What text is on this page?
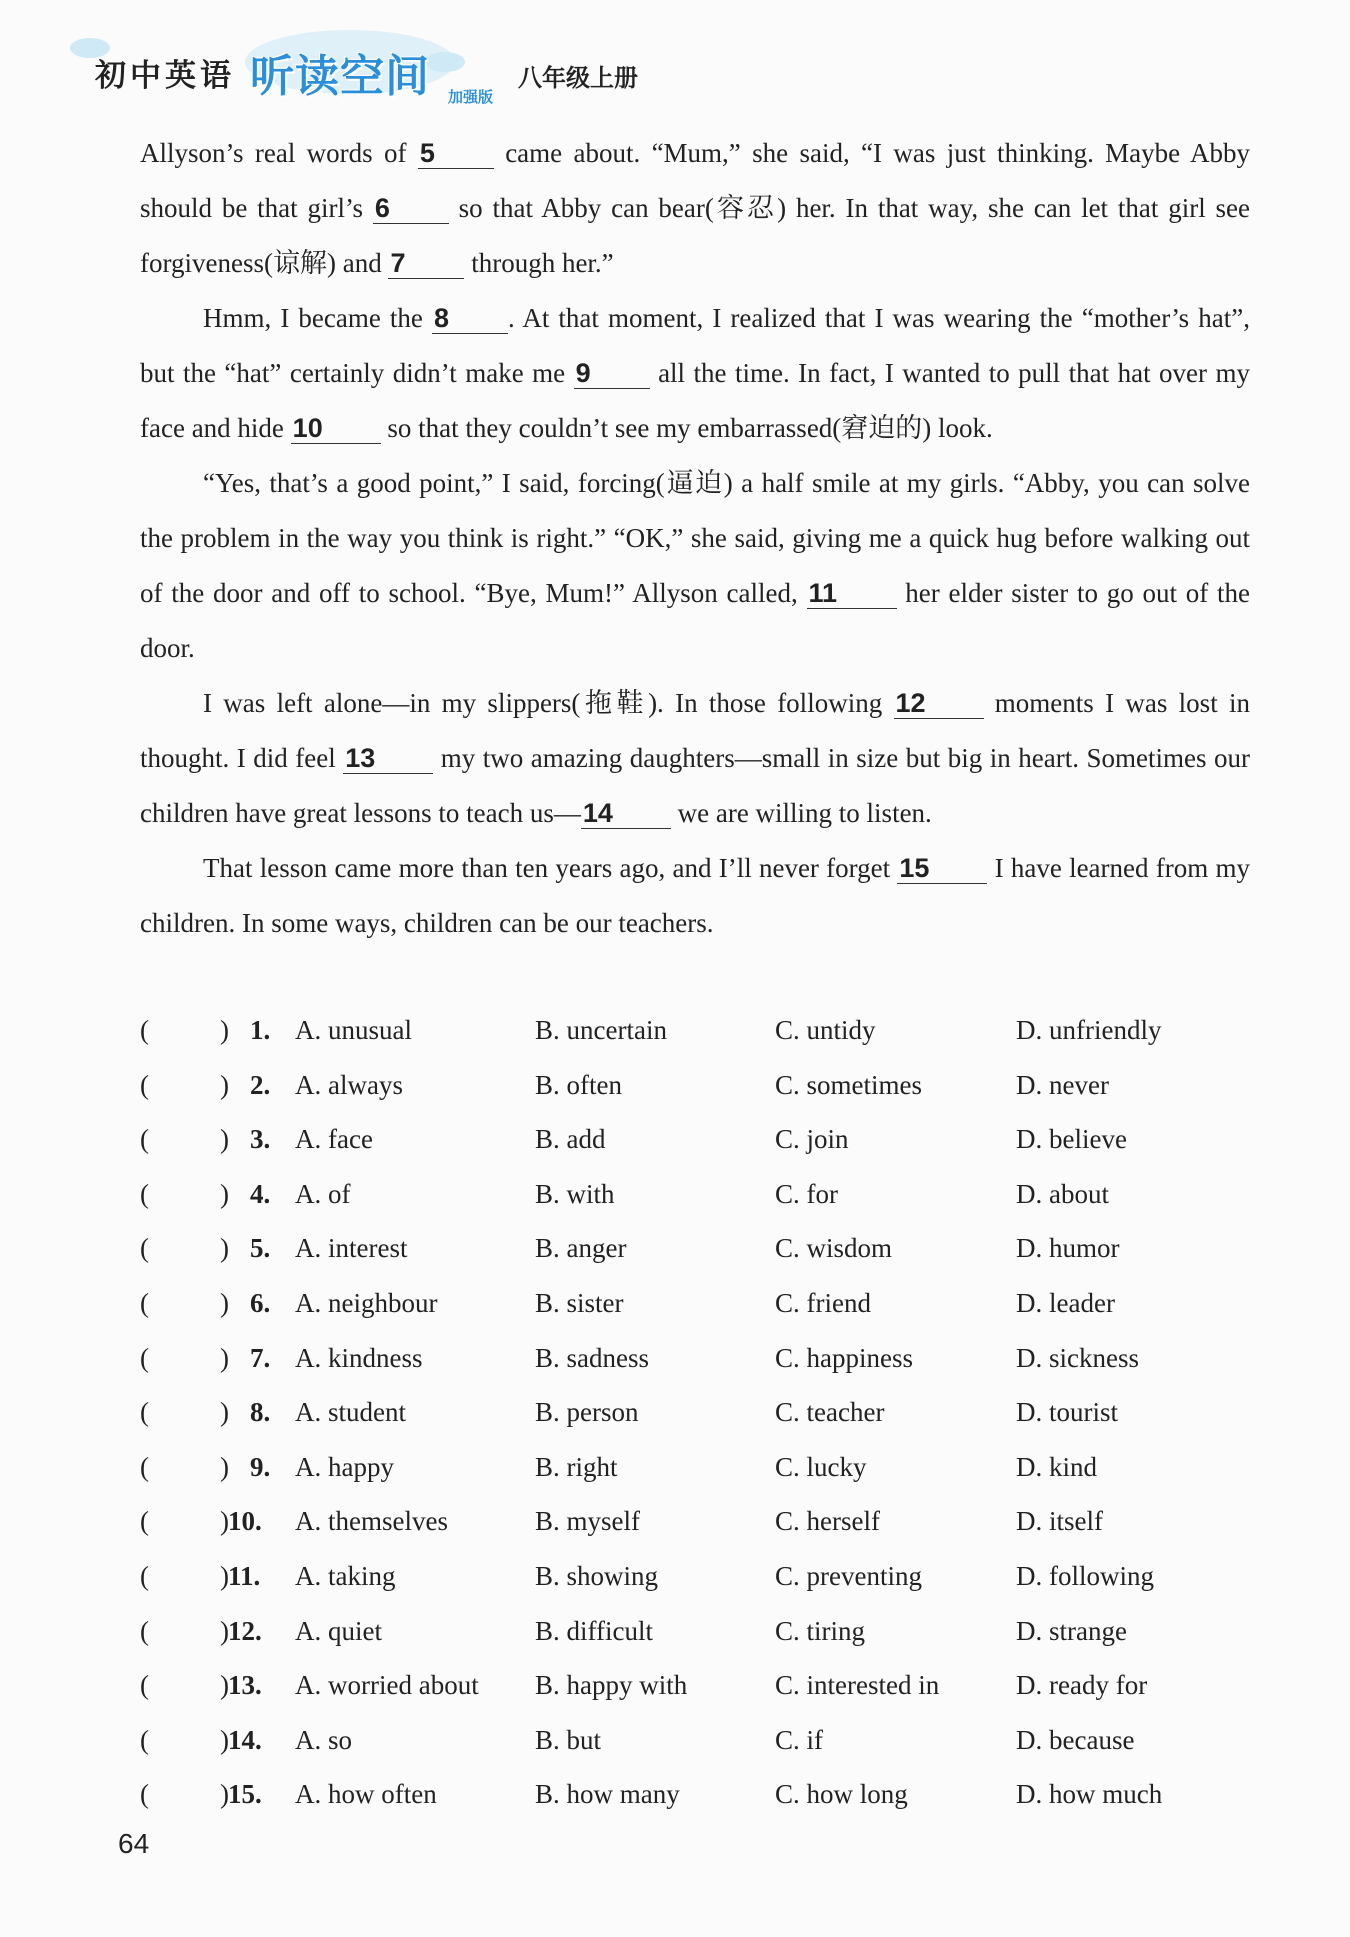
初中英语 听读空间 加强版
八年级上册

Allyson’s real words of 5 came about. “Mum,” she said, “I was just thinking. Maybe Abby should be that girl’s 6 so that Abby can bear(容忍) her. In that way, she can let that girl see forgiveness(谅解) and 7 through her.”

Hmm, I became the 8 . At that moment, I realized that I was wearing the “mother’s hat”, but the “hat” certainly didn’t make me 9 all the time. In fact, I wanted to pull that hat over my face and hide 10 so that they couldn’t see my embarrassed(窘迫的) look.

“Yes, that’s a good point,” I said, forcing(逼迫) a half smile at my girls. “Abby, you can solve the problem in the way you think is right.” “OK,” she said, giving me a quick hug before walking out of the door and off to school. “Bye, Mum!” Allyson called, 11 her elder sister to go out of the door.

I was left alone—in my slippers(拖鞋). In those following 12 moments I was lost in thought. I did feel 13 my two amazing daughters—small in size but big in heart. Sometimes our children have great lessons to teach us—14 we are willing to listen.

That lesson came more than ten years ago, and I’ll never forget 15 I have learned from my children. In some ways, children can be our teachers.

(	) 1. A. unusual	B. uncertain	C. untidy	D. unfriendly
(	) 2. A. always	B. often	C. sometimes	D. never
(	) 3. A. face	B. add	C. join	D. believe
(	) 4. A. of	B. with	C. for	D. about
(	) 5. A. interest	B. anger	C. wisdom	D. humor
(	) 6. A. neighbour	B. sister	C. friend	D. leader
(	) 7. A. kindness	B. sadness	C. happiness	D. sickness
(	) 8. A. student	B. person	C. teacher	D. tourist
(	) 9. A. happy	B. right	C. lucky	D. kind
(	) 10. A. themselves	B. myself	C. herself	D. itself
(	) 11. A. taking	B. showing	C. preventing	D. following
(	) 12. A. quiet	B. difficult	C. tiring	D. strange
(	) 13. A. worried about B. happy with	C. interested in	D. ready for
(	) 14. A. so	B. but	C. if	D. because
(	) 15. A. how often	B. how many	C. how long	D. how much
64
